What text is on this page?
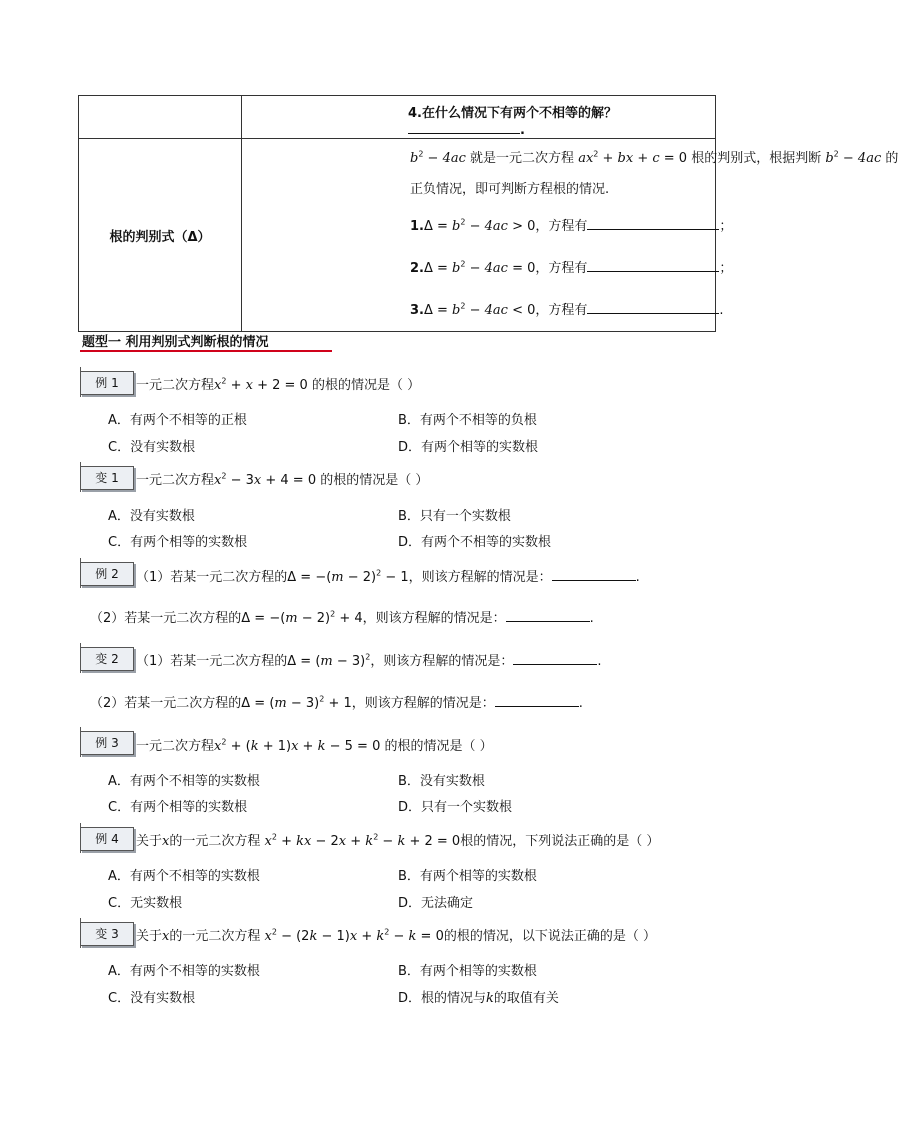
	4.在什么情况下有两个不相等的解？ .
根的判别式（Δ）	$b^2 - 4ac$ 就是一元二次方程 $ax^2$ + bx + c = 0 根的判别式，根据判断 $b^2 - 4ac$ 的
正负情况，即可判断方程根的情况.
$1.\Delta = b^2 - 4ac > 0$，方程有 ；
$2.\Delta = b^2 - 4ac = 0$，方程有 ；
$3.\Delta = b^2 - 4ac < 0$，方程有 .
题型一 利用判别式判断根的情况
例 1	一元二次方程$x^2 + x + 2 = 0$ 的根的情况是（ ）
A．有两个不相等的正根	B．有两个不相等的负根
C．没有实数根	D．有两个相等的实数根
变 1	一元二次方程$x^2 - 3x + 4 = 0$ 的根的情况是（ ）
A．没有实数根	B．只有一个实数根
C．有两个相等的实数根	D．有两个不相等的实数根
例 2	（1）若某一元二次方程的$\Delta = -(m - 2)^2 - 1$，则该方程解的情况是：	.
（2）若某一元二次方程的$\Delta = -(m - 2)^2 + 4$，则该方程解的情况是：	.
变 2	（1）若某一元二次方程的$\Delta = (m - 3)^2$，则该方程解的情况是：	.
（2）若某一元二次方程的$\Delta = (m - 3)^2 + 1$，则该方程解的情况是：	.
例 3	一元二次方程$x^2 + (k + 1)x + k - 5 = 0$ 的根的情况是（ ）
A．有两个不相等的实数根	B．没有实数根
C．有两个相等的实数根	D．只有一个实数根
例 4	关于x的一元二次方程 $x^2$ + kx − $2x + k^2 - k + 2 = 0$根的情况，下列说法正确的是（ ）
A．有两个不相等的实数根	B．有两个相等的实数根
C．无实数根	D．无法确定
变 3	关于x的一元二次方程 $x^2 - (2k - 1)x + k^2 - k = 0$的根的情况，以下说法正确的是（ ）
A．有两个不相等的实数根	B．有两个相等的实数根
C．没有实数根	D．根的情况与k的取值有关
